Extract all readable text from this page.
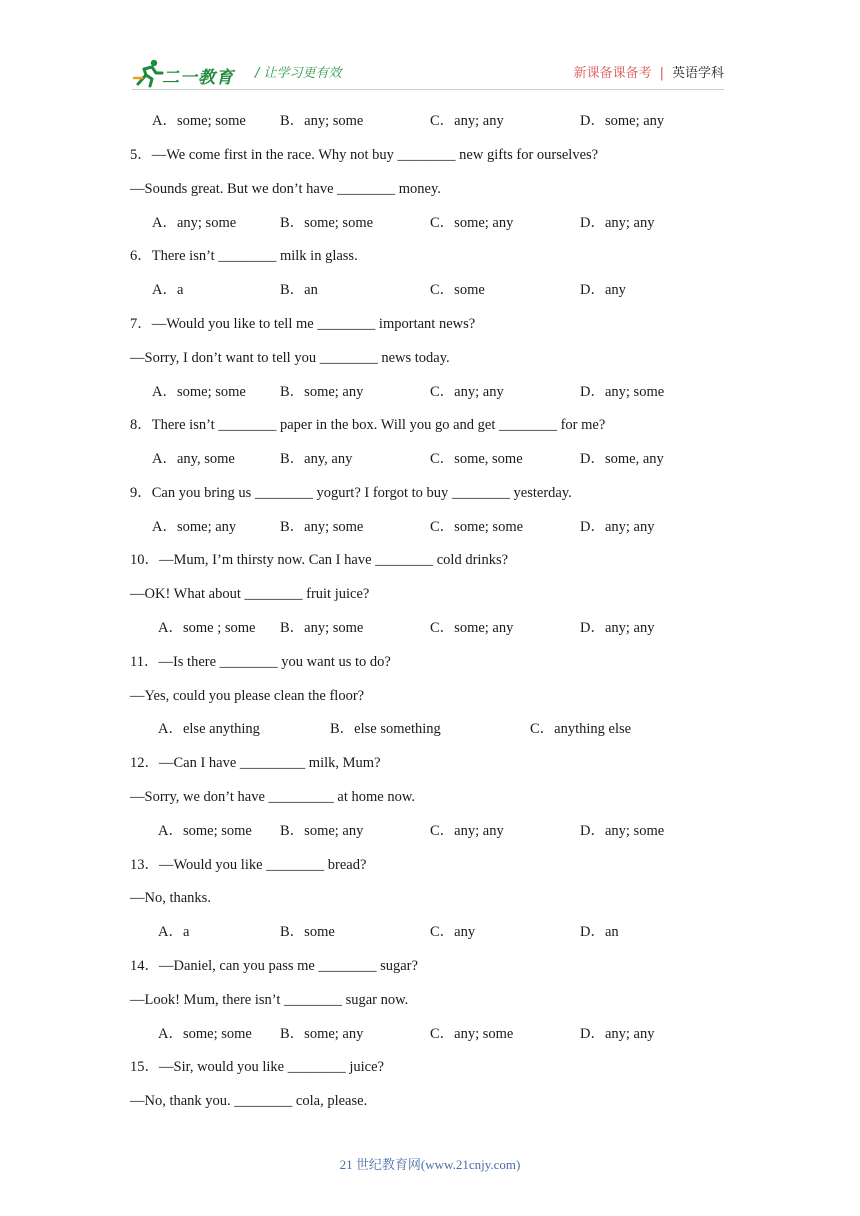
二一教育 / 让学习更有效	新课备课备考 | 英语学科
A．some; some B．any; some	C．any; any	D．some; any
5．—We come first in the race. Why not buy ________ new gifts for ourselves?
—Sounds great. But we don’t have ________ money.
A．any; some	B．some; some	C．some; any	D．any; any
6．There isn’t ________ milk in glass.
A．a	B．an	C．some	D．any
7．—Would you like to tell me ________ important news?
—Sorry, I don’t want to tell you ________ news today.
A．some; some B．some; any	C．any; any	D．any; some
8．There isn’t ________ paper in the box. Will you go and get ________ for me?
A．any, some	B．any, any	C．some, some	D．some, any
9．Can you bring us ________ yogurt? I forgot to buy ________ yesterday.
A．some; any	B．any; some	C．some; some	D．any; any
10．—Mum, I’m thirsty now. Can I have ________ cold drinks?
—OK! What about ________ fruit juice?
A．some ; some B．any; some	C．some; any	D．any; any
11．—Is there ________ you want us to do?
—Yes, could you please clean the floor?
A．else anything	B．else something	C．anything else
12．—Can I have _________ milk, Mum?
—Sorry, we don’t have _________ at home now.
A．some; some B．some; any	C．any; any	D．any; some
13．—Would you like ________ bread?
—No, thanks.
A．a	B．some	C．any	D．an
14．—Daniel, can you pass me ________ sugar?
—Look! Mum, there isn’t ________ sugar now.
A．some; some B．some; any	C．any; some	D．any; any
15．—Sir, would you like ________ juice?
—No, thank you. ________ cola, please.
21 世纪教育网(www.21cnjy.com)
